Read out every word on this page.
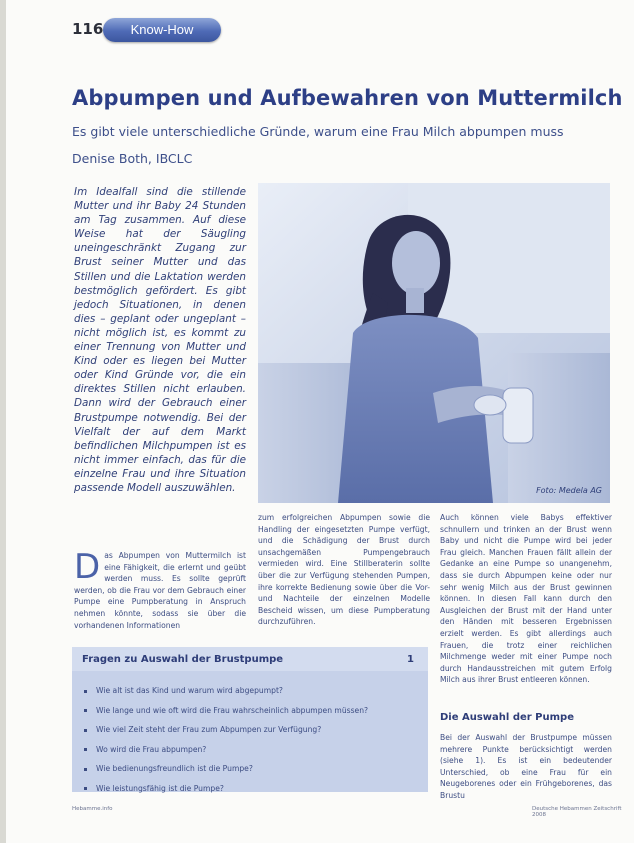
116	Know-How
Abpumpen und Aufbewahren von Muttermilch

Es gibt viele unterschiedliche Gründe, warum eine Frau Milch abpumpen muss

Denise Both, IBCLC

Im Idealfall sind die stillende Mutter und ihr Baby 24 Stunden am Tag zusammen. Auf diese Weise hat der Säugling uneingeschränkt Zugang zur Brust seiner Mutter und das Stillen und die Laktation werden bestmöglich gefördert. Es gibt jedoch Situationen, in denen dies – geplant oder ungeplant – nicht möglich ist, es kommt zu einer Trennung von Mutter und Kind oder es liegen bei Mutter oder Kind Gründe vor, die ein direktes Stillen nicht erlauben. Dann wird der Gebrauch einer Brustpumpe notwendig. Bei der Vielfalt der auf dem Markt befindlichen Milchpumpen ist es nicht immer einfach, das für die einzelne Frau und ihre Situation passende Modell auszuwählen.	Foto: Medela AG
D as Abpumpen von Muttermilch ist eine Fähigkeit, die erlernt und geübt werden muss. Es sollte geprüft werden, ob die Frau vor dem Gebrauch einer Pumpe eine Pumpberatung in Anspruch nehmen könnte, sodass sie über die vorhandenen Informationen

zum erfolgreichen Abpumpen sowie die Handling der eingesetzten Pumpe verfügt, und die Schädigung der Brust durch unsachgemäßen Pumpengebrauch vermieden wird. Eine Stillberaterin sollte über die zur Verfügung stehenden Pumpen, ihre korrekte Bedienung sowie über die Vor- und Nachteile der einzelnen Modelle Bescheid wissen, um diese Pumpberatung durchzuführen.

Auch können viele Babys effektiver schnullern und trinken an der Brust wenn Baby und nicht die Pumpe wird bei jeder Frau gleich. Manchen Frauen fällt allein der Gedanke an eine Pumpe so unangenehm, dass sie durch Abpumpen keine oder nur sehr wenig Milch aus der Brust gewinnen können. In diesen Fall kann durch den Ausgleichen der Brust mit der Hand unter den Händen mit besseren Ergebnissen erzielt werden. Es gibt allerdings auch Frauen, die trotz einer reichlichen Milchmenge weder mit einer Pumpe noch durch Handausstreichen mit gutem Erfolg Milch aus ihrer Brust entleeren können.

Fragen zu Auswahl der Brustpumpe	1
Wie alt ist das Kind und warum wird abgepumpt?
Wie lange und wie oft wird die Frau wahrscheinlich abpumpen müssen?
Wie viel Zeit steht der Frau zum Abpumpen zur Verfügung?
Wo wird die Frau abpumpen?
Wie bedienungsfreundlich ist die Pumpe?
Wie leistungsfähig ist die Pumpe?
Die Auswahl der Pumpe

Bei der Auswahl der Brustpumpe müssen mehrere Punkte berücksichtigt werden (siehe 1). Es ist ein bedeutender Unterschied, ob eine Frau für ein Neugeborenes oder ein Frühgeborenes, das Brustu

Hebamme.info	Deutsche Hebammen Zeitschrift 2008
